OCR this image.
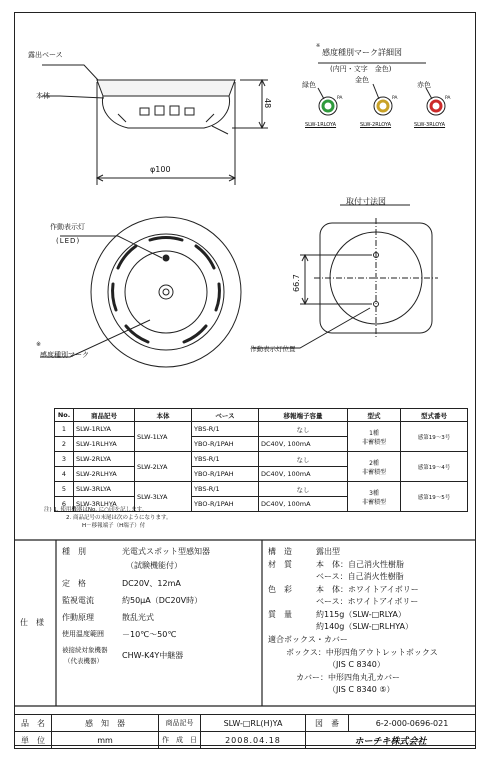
露出ベース
本体
48
φ100
作動表示灯
(LED)
※
感度種別マーク
取付寸法図
66.7
作動表示灯位置
※
感度種別マーク詳細図
(内円・文字　金色)
緑色
金色
赤色
PA	PA	PA
SLW-1RLOYA	SLW-2RLOYA	SLW-3RLOYA
No.	商品記号	本体	ベース	移報端子容量	型式	型式番号
1	SLW-1RLYA	SLW-1LYA	YBS-R/1	なし	1種
非蓄積型	感第19～3号
2	SLW-1RLHYA		YBO-R/1PAH	DC40V, 100mA		
3	SLW-2RLYA	SLW-2LYA	YBS-R/1	なし	2種
非蓄積型	感第19～4号
4	SLW-2RLHYA		YBO-R/1PAH	DC40V, 100mA		
5	SLW-3RLYA	SLW-3LYA	YBS-R/1	なし	3種
非蓄積型	感第19～5号
6	SLW-3RLHYA		YBO-R/1PAH	DC40V, 100mA		
注) 1. 使用機器はNo. に○印を記します。
2. 商品記号の末尾は次のようになります。
H－移報端子（H端子）付
仕　様
種　別	光電式スポット型感知器
（試験機能付）
定　格	DC20V、12mA
監視電流	約50μA（DC20V時）
作動原理	散乱光式
使用温度範囲 －10℃～50℃
被接続対象機器
CHW-K4Y中継器
（代表機器）
構　造	露出型
材　質	本　体：自己消火性樹脂
ベース：自己消火性樹脂
色　彩	本　体：ホワイトアイボリー
ベース：ホワイトアイボリー
質　量	約115g（SLW-□RLYA）
約140g（SLW-□RLHYA）
適合ボックス・カバー
ボックス：中形四角アウトレットボックス
（JIS C 8340）
カバー：中形四角丸孔カバー
（JIS C 8340 ⑤）
品　名	感　知　器	商品記号	SLW-□RL(H)YA	図　番	6-2-000-0696-021
単　位	mm	作　成　日	2008.04.18	ホーチキ株式会社	
